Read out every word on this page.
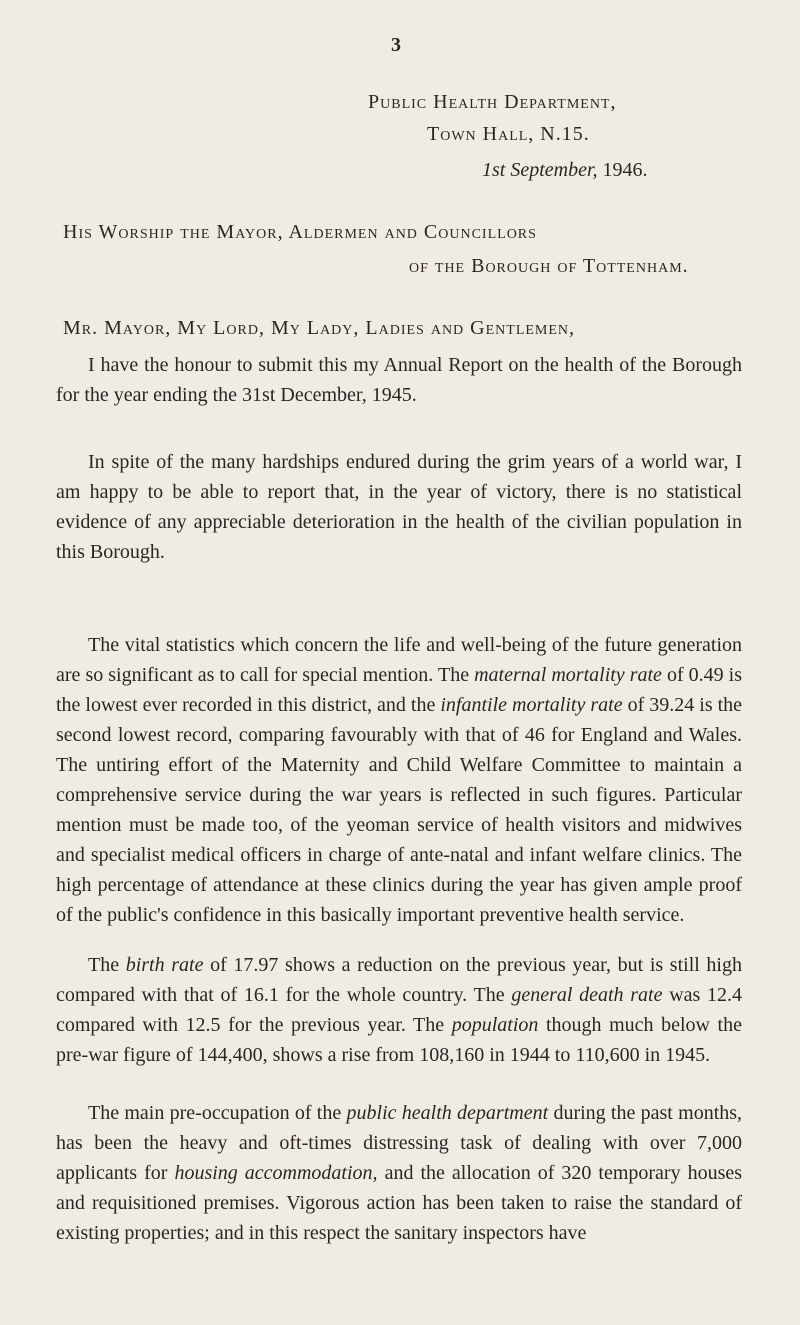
3
Public Health Department,
Town Hall, N.15.
1st September, 1946.
His Worship the Mayor, Aldermen and Councillors
of the Borough of Tottenham.
Mr. Mayor, My Lord, My Lady, Ladies and Gentlemen,

I have the honour to submit this my Annual Report on the health of the Borough for the year ending the 31st December, 1945.

In spite of the many hardships endured during the grim years of a world war, I am happy to be able to report that, in the year of victory, there is no statistical evidence of any appreciable deterioration in the health of the civilian population in this Borough.

The vital statistics which concern the life and well-being of the future generation are so significant as to call for special mention. The maternal mortality rate of 0.49 is the lowest ever recorded in this district, and the infantile mortality rate of 39.24 is the second lowest record, comparing favourably with that of 46 for England and Wales. The untiring effort of the Maternity and Child Welfare Committee to maintain a comprehensive service during the war years is reflected in such figures. Particular mention must be made too, of the yeoman service of health visitors and midwives and specialist medical officers in charge of ante-natal and infant welfare clinics. The high percentage of attendance at these clinics during the year has given ample proof of the public's confidence in this basically important preventive health service.

The birth rate of 17.97 shows a reduction on the previous year, but is still high compared with that of 16.1 for the whole country. The general death rate was 12.4 compared with 12.5 for the previous year. The population though much below the pre-war figure of 144,400, shows a rise from 108,160 in 1944 to 110,600 in 1945.

The main pre-occupation of the public health department during the past months, has been the heavy and oft-times distressing task of dealing with over 7,000 applicants for housing accommodation, and the allocation of 320 temporary houses and requisitioned premises. Vigorous action has been taken to raise the standard of existing properties; and in this respect the sanitary inspectors have
